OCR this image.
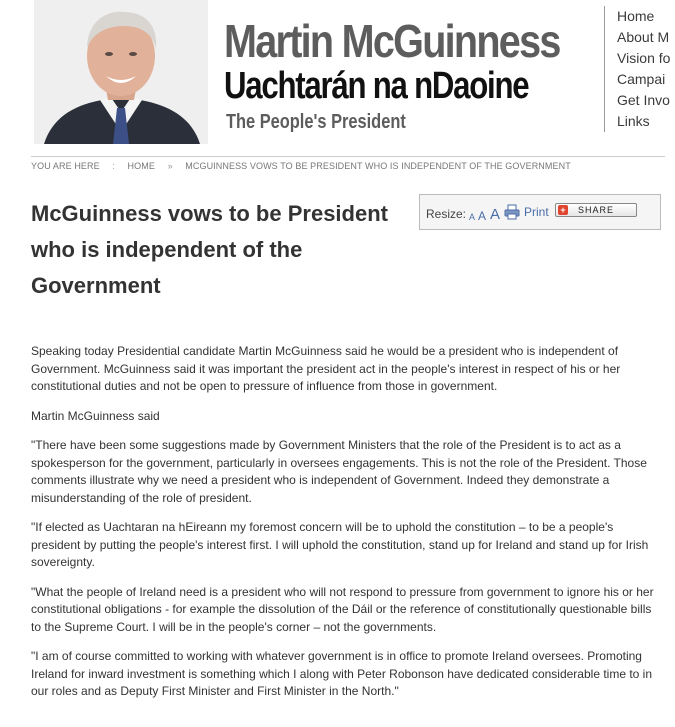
Martin McGuinness
Uachtarán na nDaoine
The People's President
Home
About M
Vision fo
Campai
Get Invo
Links
YOU ARE HERE : HOME » MCGUINNESS VOWS TO BE PRESIDENT WHO IS INDEPENDENT OF THE GOVERNMENT
McGuinness vows to be President who is independent of the Government
Resize: A A A Print + SHARE

Speaking today Presidential candidate Martin McGuinness said he would be a president who is independent of Government. McGuinness said it was important the president act in the people's interest in respect of his or her constitutional duties and not be open to pressure of influence from those in government.

Martin McGuinness said

"There have been some suggestions made by Government Ministers that the role of the President is to act as a spokesperson for the government, particularly in oversees engagements. This is not the role of the President. Those comments illustrate why we need a president who is independent of Government. Indeed they demonstrate a misunderstanding of the role of president.

"If elected as Uachtaran na hEireann my foremost concern will be to uphold the constitution – to be a people's president by putting the people's interest first. I will uphold the constitution, stand up for Ireland and stand up for Irish sovereignty.

"What the people of Ireland need is a president who will not respond to pressure from government to ignore his or her constitutional obligations - for example the dissolution of the Dáil or the reference of constitutionally questionable bills to the Supreme Court. I will be in the people's corner – not the governments.

"I am of course committed to working with whatever government is in office to promote Ireland oversees. Promoting Ireland for inward investment is something which I along with Peter Robonson have dedicated considerable time to in our roles and as Deputy First Minister and First Minister in the North."
